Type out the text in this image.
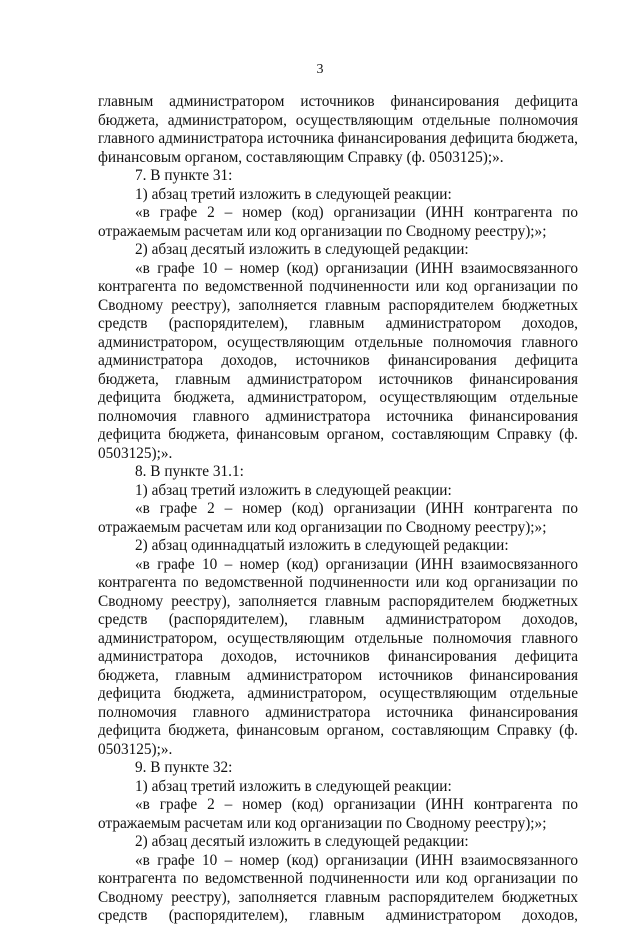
3

главным администратором источников финансирования дефицита бюджета, администратором, осуществляющим отдельные полномочия главного администратора источника финансирования дефицита бюджета, финансовым органом, составляющим Справку (ф. 0503125);».

7. В пункте 31:

1) абзац третий изложить в следующей реакции:

«в графе 2 – номер (код) организации (ИНН контрагента по отражаемым расчетам или код организации по Сводному реестру);»;

2) абзац десятый изложить в следующей редакции:

«в графе 10 – номер (код) организации (ИНН взаимосвязанного контрагента по ведомственной подчиненности или код организации по Сводному реестру), заполняется главным распорядителем бюджетных средств (распорядителем), главным администратором доходов, администратором, осуществляющим отдельные полномочия главного администратора доходов, источников финансирования дефицита бюджета, главным администратором источников финансирования дефицита бюджета, администратором, осуществляющим отдельные полномочия главного администратора источника финансирования дефицита бюджета, финансовым органом, составляющим Справку (ф. 0503125);».

8. В пункте 31.1:

1) абзац третий изложить в следующей реакции:

«в графе 2 – номер (код) организации (ИНН контрагента по отражаемым расчетам или код организации по Сводному реестру);»;

2) абзац одиннадцатый изложить в следующей редакции:

«в графе 10 – номер (код) организации (ИНН взаимосвязанного контрагента по ведомственной подчиненности или код организации по Сводному реестру), заполняется главным распорядителем бюджетных средств (распорядителем), главным администратором доходов, администратором, осуществляющим отдельные полномочия главного администратора доходов, источников финансирования дефицита бюджета, главным администратором источников финансирования дефицита бюджета, администратором, осуществляющим отдельные полномочия главного администратора источника финансирования дефицита бюджета, финансовым органом, составляющим Справку (ф. 0503125);».

9. В пункте 32:

1) абзац третий изложить в следующей реакции:

«в графе 2 – номер (код) организации (ИНН контрагента по отражаемым расчетам или код организации по Сводному реестру);»;

2) абзац десятый изложить в следующей редакции:

«в графе 10 – номер (код) организации (ИНН взаимосвязанного контрагента по ведомственной подчиненности или код организации по Сводному реестру), заполняется главным распорядителем бюджетных средств (распорядителем), главным администратором доходов,
